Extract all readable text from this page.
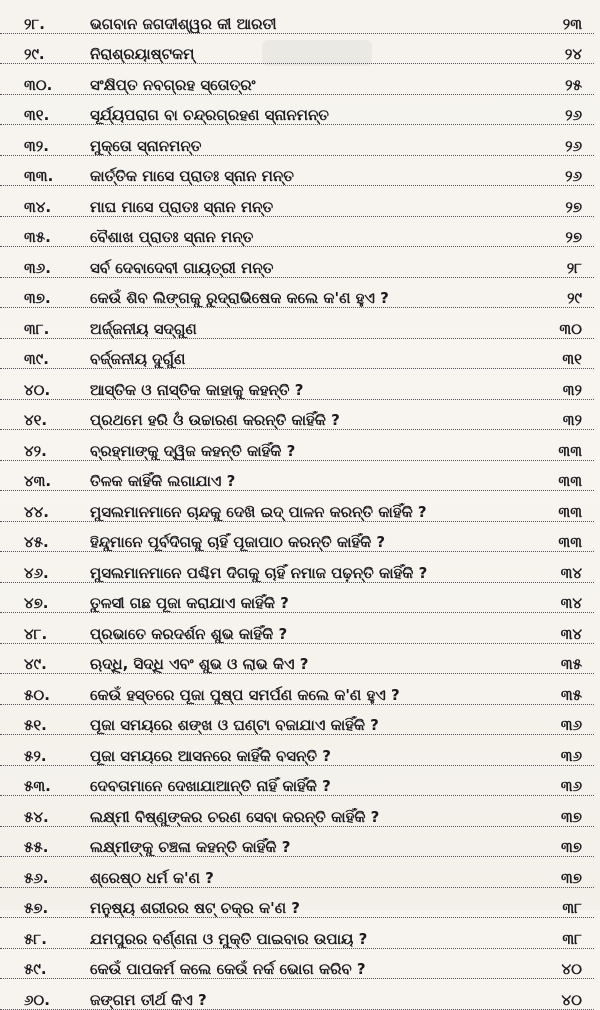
୨୮.	ଭଗବାନ ଜଗଦୀଶ୍ୱର କୀ ଆରତୀ	୨୩
୨୯.	ନିରାଶ୍ରୟାଷ୍ଟକମ୍	୨୪
୩୦.	ସଂକ୍ଷିପ୍ତ ନବଗ୍ରହ ସ୍ତୋତ୍ରଂ	୨୫
୩୧.	ସୂର୍ଯ୍ୟପରାଗ ବା ଚନ୍ଦ୍ରଗ୍ରହଣ ସ୍ନାନମନ୍ତ	୨୬
୩୨.	ମୁକ୍ତୋ ସ୍ନାନମନ୍ତ	୨୬
୩୩.	କାର୍ତ୍ତିକ ମାସେ ପ୍ରାତଃ ସ୍ନାନ ମନ୍ତ	୨୬
୩୪.	ମାଘ ମାସେ ପ୍ରାତଃ ସ୍ନାନ ମନ୍ତ	୨୭
୩୫.	ବୈଶାଖ ପ୍ରାତଃ ସ୍ନାନ ମନ୍ତ	୨୭
୩୬.	ସର୍ବ ଦେବାଦେବୀ ଗାୟତ୍ରୀ ମନ୍ତ	୨୮
୩୭.	କେଉଁ ଶିବ ଲିଙ୍ଗକୁ ରୁଦ୍ରାଭିଷେକ କଲେ କ'ଣ ହୁଏ ?	୨୯
୩୮.	ଅର୍ଜ୍ଜନୀୟ ସଦ୍‌ଗୁଣ	୩୦
୩୯.	ବର୍ଜ୍ଜନୀୟ ଦୁର୍ଗୁଣ	୩୧
୪୦.	ଆସ୍ତିକ ଓ ନାସ୍ତିକ କାହାକୁ କହନ୍ତି ?	୩୨
୪୧.	ପ୍ରଥମେ ହରି ଓଁ ଉଚ୍ଚାରଣ କରନ୍ତି କାହିଁକି ?	୩୨
୪୨.	ବ୍ରହ୍ମାଙ୍କୁ ଦ୍ୱିଜ କହନ୍ତି କାହିଁକି ?	୩୩
୪୩.	ତିଳକ କାହିଁକି ଲଗାଯାଏ ?	୩୩
୪୪.	ମୁସଲମାନମାନେ ଚାନ୍ଦକୁ ଦେଖି ଇଦ୍ ପାଳନ କରନ୍ତି କାହିଁକି ?	୩୩
୪୫.	ହିନ୍ଦୁମାନେ ପୂର୍ବଦିଗକୁ ଚାହିଁ ପୂଜାପାଠ କରନ୍ତି କାହିଁକି ?	୩୩
୪୬.	ମୁସଲମାନମାନେ ପଶ୍ଚିମ ଦିଗକୁ ଚାହିଁ ନମାଜ ପଢ଼ନ୍ତି କାହିଁକି ?	୩୪
୪୭.	ତୁଳସୀ ଗଛ ପୂଜା କରାଯାଏ କାହିଁକି ?	୩୪
୪୮.	ପ୍ରଭାତେ କରଦର୍ଶନ ଶୁଭ କାହିଁକି ?	୩୪
୪୯.	ଋଦ୍ଧି, ସିଦ୍ଧି ଏବଂ ଶୁଭ ଓ ଲାଭ କିଏ ?	୩୫
୫୦.	କେଉଁ ହସ୍ତରେ ପୂଜା ପୁଷ୍ପ ସମର୍ପଣ କଲେ କ'ଣ ହୁଏ ?	୩୫
୫୧.	ପୂଜା ସମୟରେ ଶଙ୍ଖ ଓ ଘଣ୍ଟା ବଜାଯାଏ କାହିଁକି ?	୩୬
୫୨.	ପୂଜା ସମୟରେ ଆସନରେ କାହିଁକି ବସନ୍ତି ?	୩୬
୫୩.	ଦେବତାମାନେ ଦେଖାଯାଆନ୍ତି ନାହିଁ କାହିଁକି ?	୩୬
୫୪.	ଲକ୍ଷ୍ମୀ ବିଷ୍ଣୁଙ୍କର ଚରଣ ସେବା କରନ୍ତି କାହିଁକି ?	୩୭
୫୫.	ଲକ୍ଷ୍ମୀଙ୍କୁ ଚଞ୍ଚଳା କହନ୍ତି କାହିଁକି ?	୩୭
୫୬.	ଶ୍ରେଷ୍ଠ ଧର୍ମ କ'ଣ ?	୩୭
୫୭.	ମନୁଷ୍ୟ ଶରୀରର ଷଟ୍ ଚକ୍ର କ'ଣ ?	୩୮
୫୮.	ଯମପୁରର ବର୍ଣ୍ଣନା ଓ ମୁକ୍ତି ପାଇବାର ଉପାୟ ?	୩୮
୫୯.	କେଉଁ ପାପକର୍ମ କଲେ କେଉଁ ନର୍କ ଭୋଗ କରିବ ?	୪୦
୬୦.	ଜଙ୍ଗମ ତୀର୍ଥ କିଏ ?	୪୦
